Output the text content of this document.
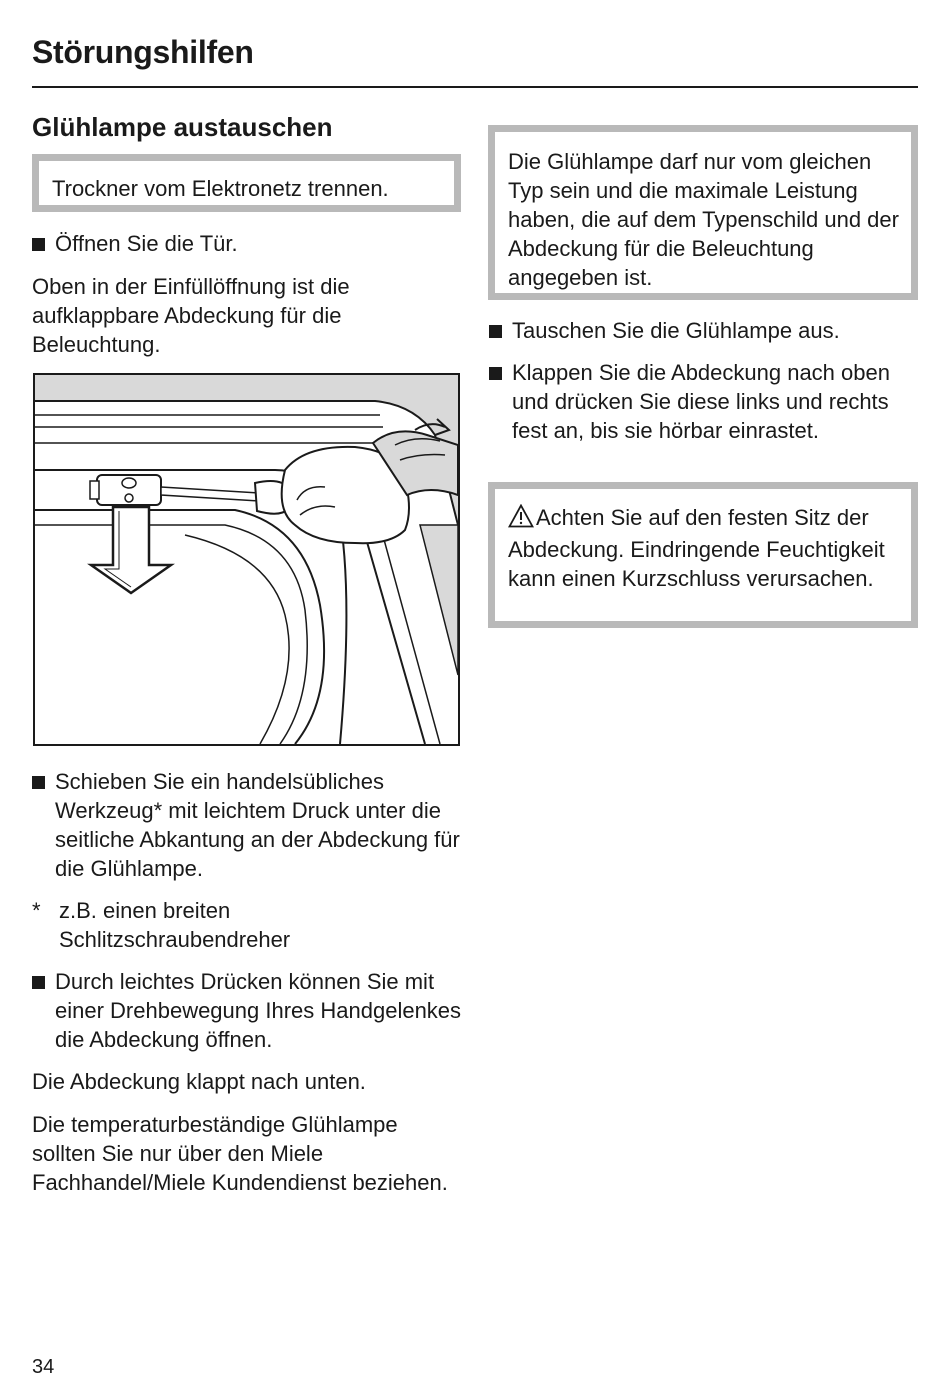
Störungshilfen
Glühlampe austauschen
Trockner vom Elektronetz trennen.
Öffnen Sie die Tür.

Oben in der Einfüllöffnung ist die aufklappbare Abdeckung für die Beleuchtung.

Schieben Sie ein handelsübliches Werkzeug* mit leichtem Druck unter die seitliche Abkantung an der Abdeckung für die Glühlampe.
* z.B. einen breiten Schlitzschraubendreher
Durch leichtes Drücken können Sie mit einer Drehbewegung Ihres Handgelenkes die Abdeckung öffnen.

Die Abdeckung klappt nach unten.

Die temperaturbeständige Glühlampe sollten Sie nur über den Miele Fachhandel/Miele Kundendienst beziehen.

Die Glühlampe darf nur vom gleichen Typ sein und die maximale Leistung haben, die auf dem Typenschild und der Abdeckung für die Beleuchtung angegeben ist.
Tauschen Sie die Glühlampe aus.
Klappen Sie die Abdeckung nach oben und drücken Sie diese links und rechts fest an, bis sie hörbar einrastet.
Achten Sie auf den festen Sitz der Abdeckung. Eindringende Feuchtigkeit kann einen Kurzschluss verursachen.
34
